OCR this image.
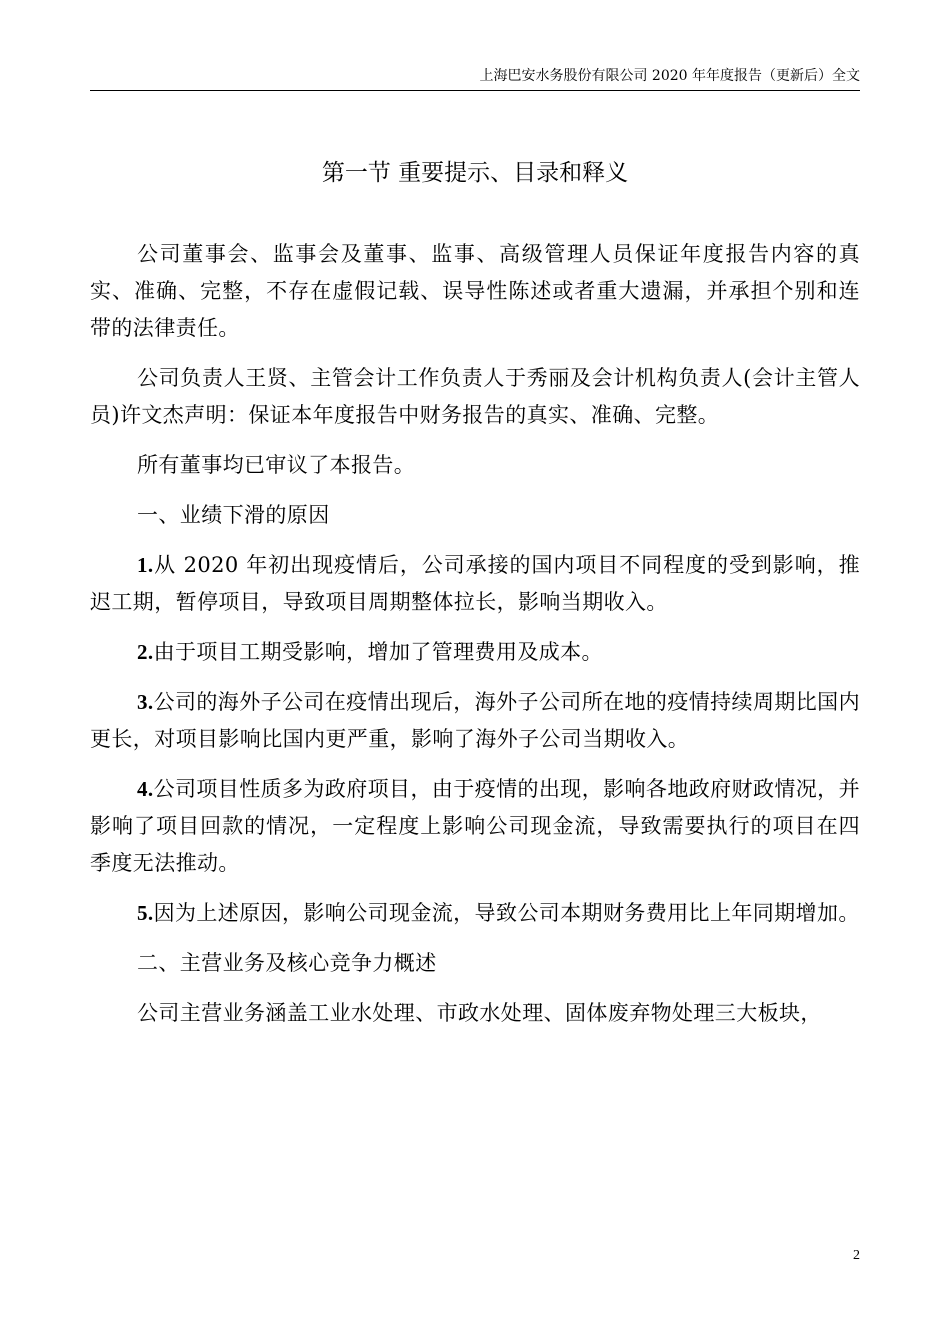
上海巴安水务股份有限公司 2020 年年度报告（更新后）全文
第一节 重要提示、目录和释义

公司董事会、监事会及董事、监事、高级管理人员保证年度报告内容的真实、准确、完整，不存在虚假记载、误导性陈述或者重大遗漏，并承担个别和连带的法律责任。

公司负责人王贤、主管会计工作负责人于秀丽及会计机构负责人(会计主管人员)许文杰声明：保证本年度报告中财务报告的真实、准确、完整。

所有董事均已审议了本报告。

一、业绩下滑的原因

1.从 2020 年初出现疫情后，公司承接的国内项目不同程度的受到影响，推迟工期，暂停项目，导致项目周期整体拉长，影响当期收入。

2.由于项目工期受影响，增加了管理费用及成本。

3.公司的海外子公司在疫情出现后，海外子公司所在地的疫情持续周期比国内更长，对项目影响比国内更严重，影响了海外子公司当期收入。

4.公司项目性质多为政府项目，由于疫情的出现，影响各地政府财政情况，并影响了项目回款的情况，一定程度上影响公司现金流，导致需要执行的项目在四季度无法推动。

5.因为上述原因，影响公司现金流，导致公司本期财务费用比上年同期增加。

二、主营业务及核心竞争力概述

公司主营业务涵盖工业水处理、市政水处理、固体废弃物处理三大板块，

2
